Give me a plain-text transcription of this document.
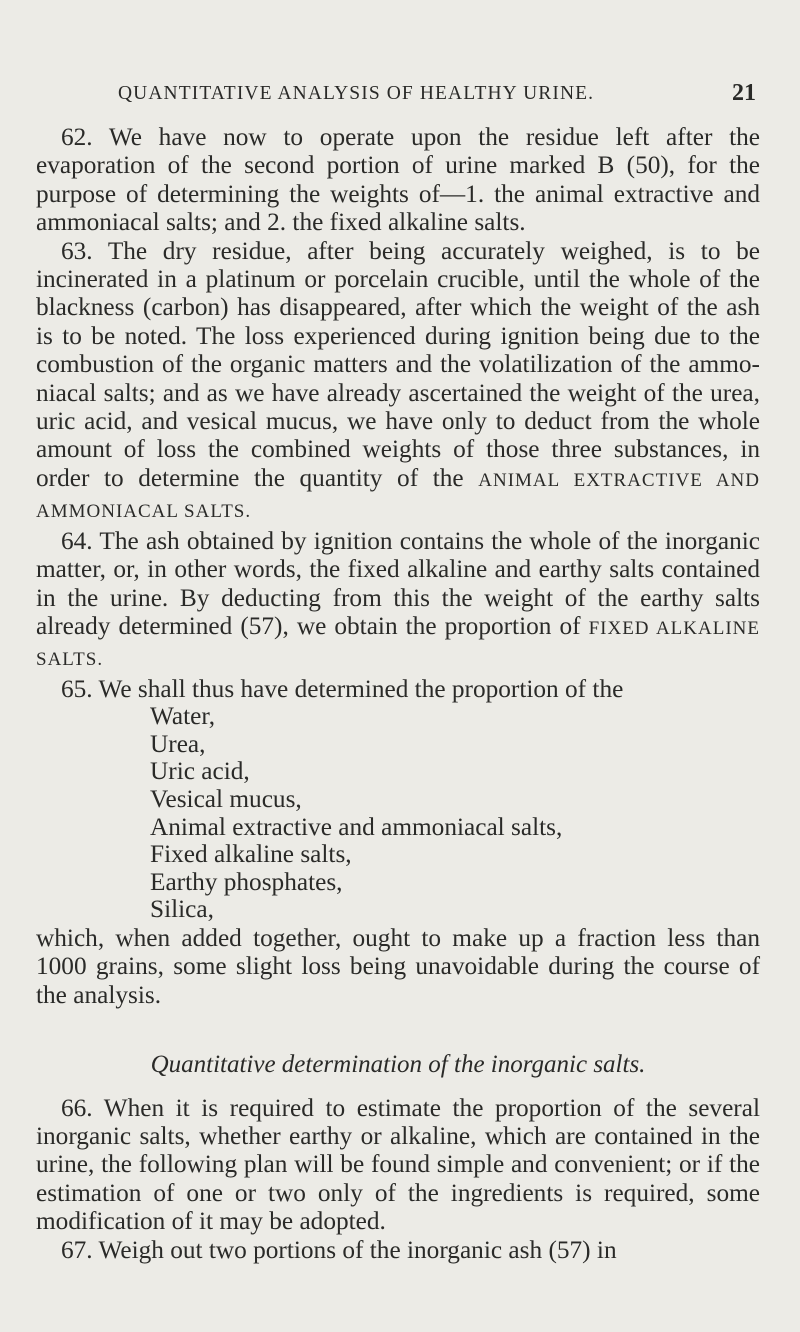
QUANTITATIVE ANALYSIS OF HEALTHY URINE.	21

62. We have now to operate upon the residue left after the evaporation of the second portion of urine marked B (50), for the purpose of determining the weights of—1. the animal extractive and ammoniacal salts; and 2. the fixed alkaline salts.

63. The dry residue, after being accurately weighed, is to be incinerated in a platinum or porcelain crucible, until the whole of the blackness (carbon) has disappeared, after which the weight of the ash is to be noted. The loss experienced during ignition being due to the combustion of the organic matters and the volatilization of the ammo-niacal salts; and as we have already ascertained the weight of the urea, uric acid, and vesical mucus, we have only to deduct from the whole amount of loss the combined weights of those three substances, in order to determine the quantity of the ANIMAL EXTRACTIVE AND AMMONIACAL SALTS.

64. The ash obtained by ignition contains the whole of the inorganic matter, or, in other words, the fixed alkaline and earthy salts contained in the urine. By deducting from this the weight of the earthy salts already determined (57), we obtain the proportion of FIXED ALKALINE SALTS.

65. We shall thus have determined the proportion of the

Water,
Urea,
Uric acid,
Vesical mucus,
Animal extractive and ammoniacal salts,
Fixed alkaline salts,
Earthy phosphates,
Silica,

which, when added together, ought to make up a fraction less than 1000 grains, some slight loss being unavoidable during the course of the analysis.

Quantitative determination of the inorganic salts.

66. When it is required to estimate the proportion of the several inorganic salts, whether earthy or alkaline, which are contained in the urine, the following plan will be found simple and convenient; or if the estimation of one or two only of the ingredients is required, some modification of it may be adopted.

67. Weigh out two portions of the inorganic ash (57) in
